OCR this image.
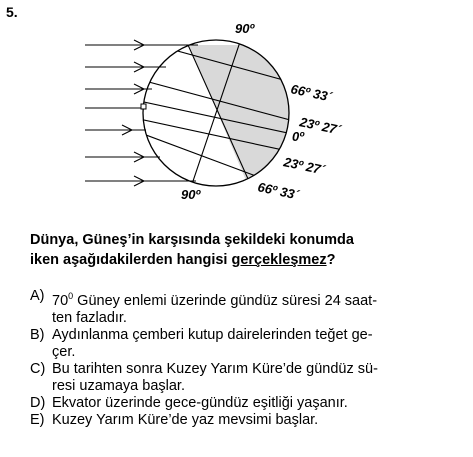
5.
90º
66º 33´
23º 27´
0º
23º 27´
66º 33´
90º
Dünya, Güneş’in karşısında şekildeki konumda
iken aşağıdakilerden hangisi gerçekleşmez?
A) $70^0$ Güney enlemi üzerinde gündüz süresi 24 saat-
ten fazladır.
B) Aydınlanma çemberi kutup dairelerinden teğet ge-
çer.
C) Bu tarihten sonra Kuzey Yarım Küre’de gündüz sü-
resi uzamaya başlar.
D) Ekvator üzerinde gece-gündüz eşitliği yaşanır.
E) Kuzey Yarım Küre’de yaz mevsimi başlar.
